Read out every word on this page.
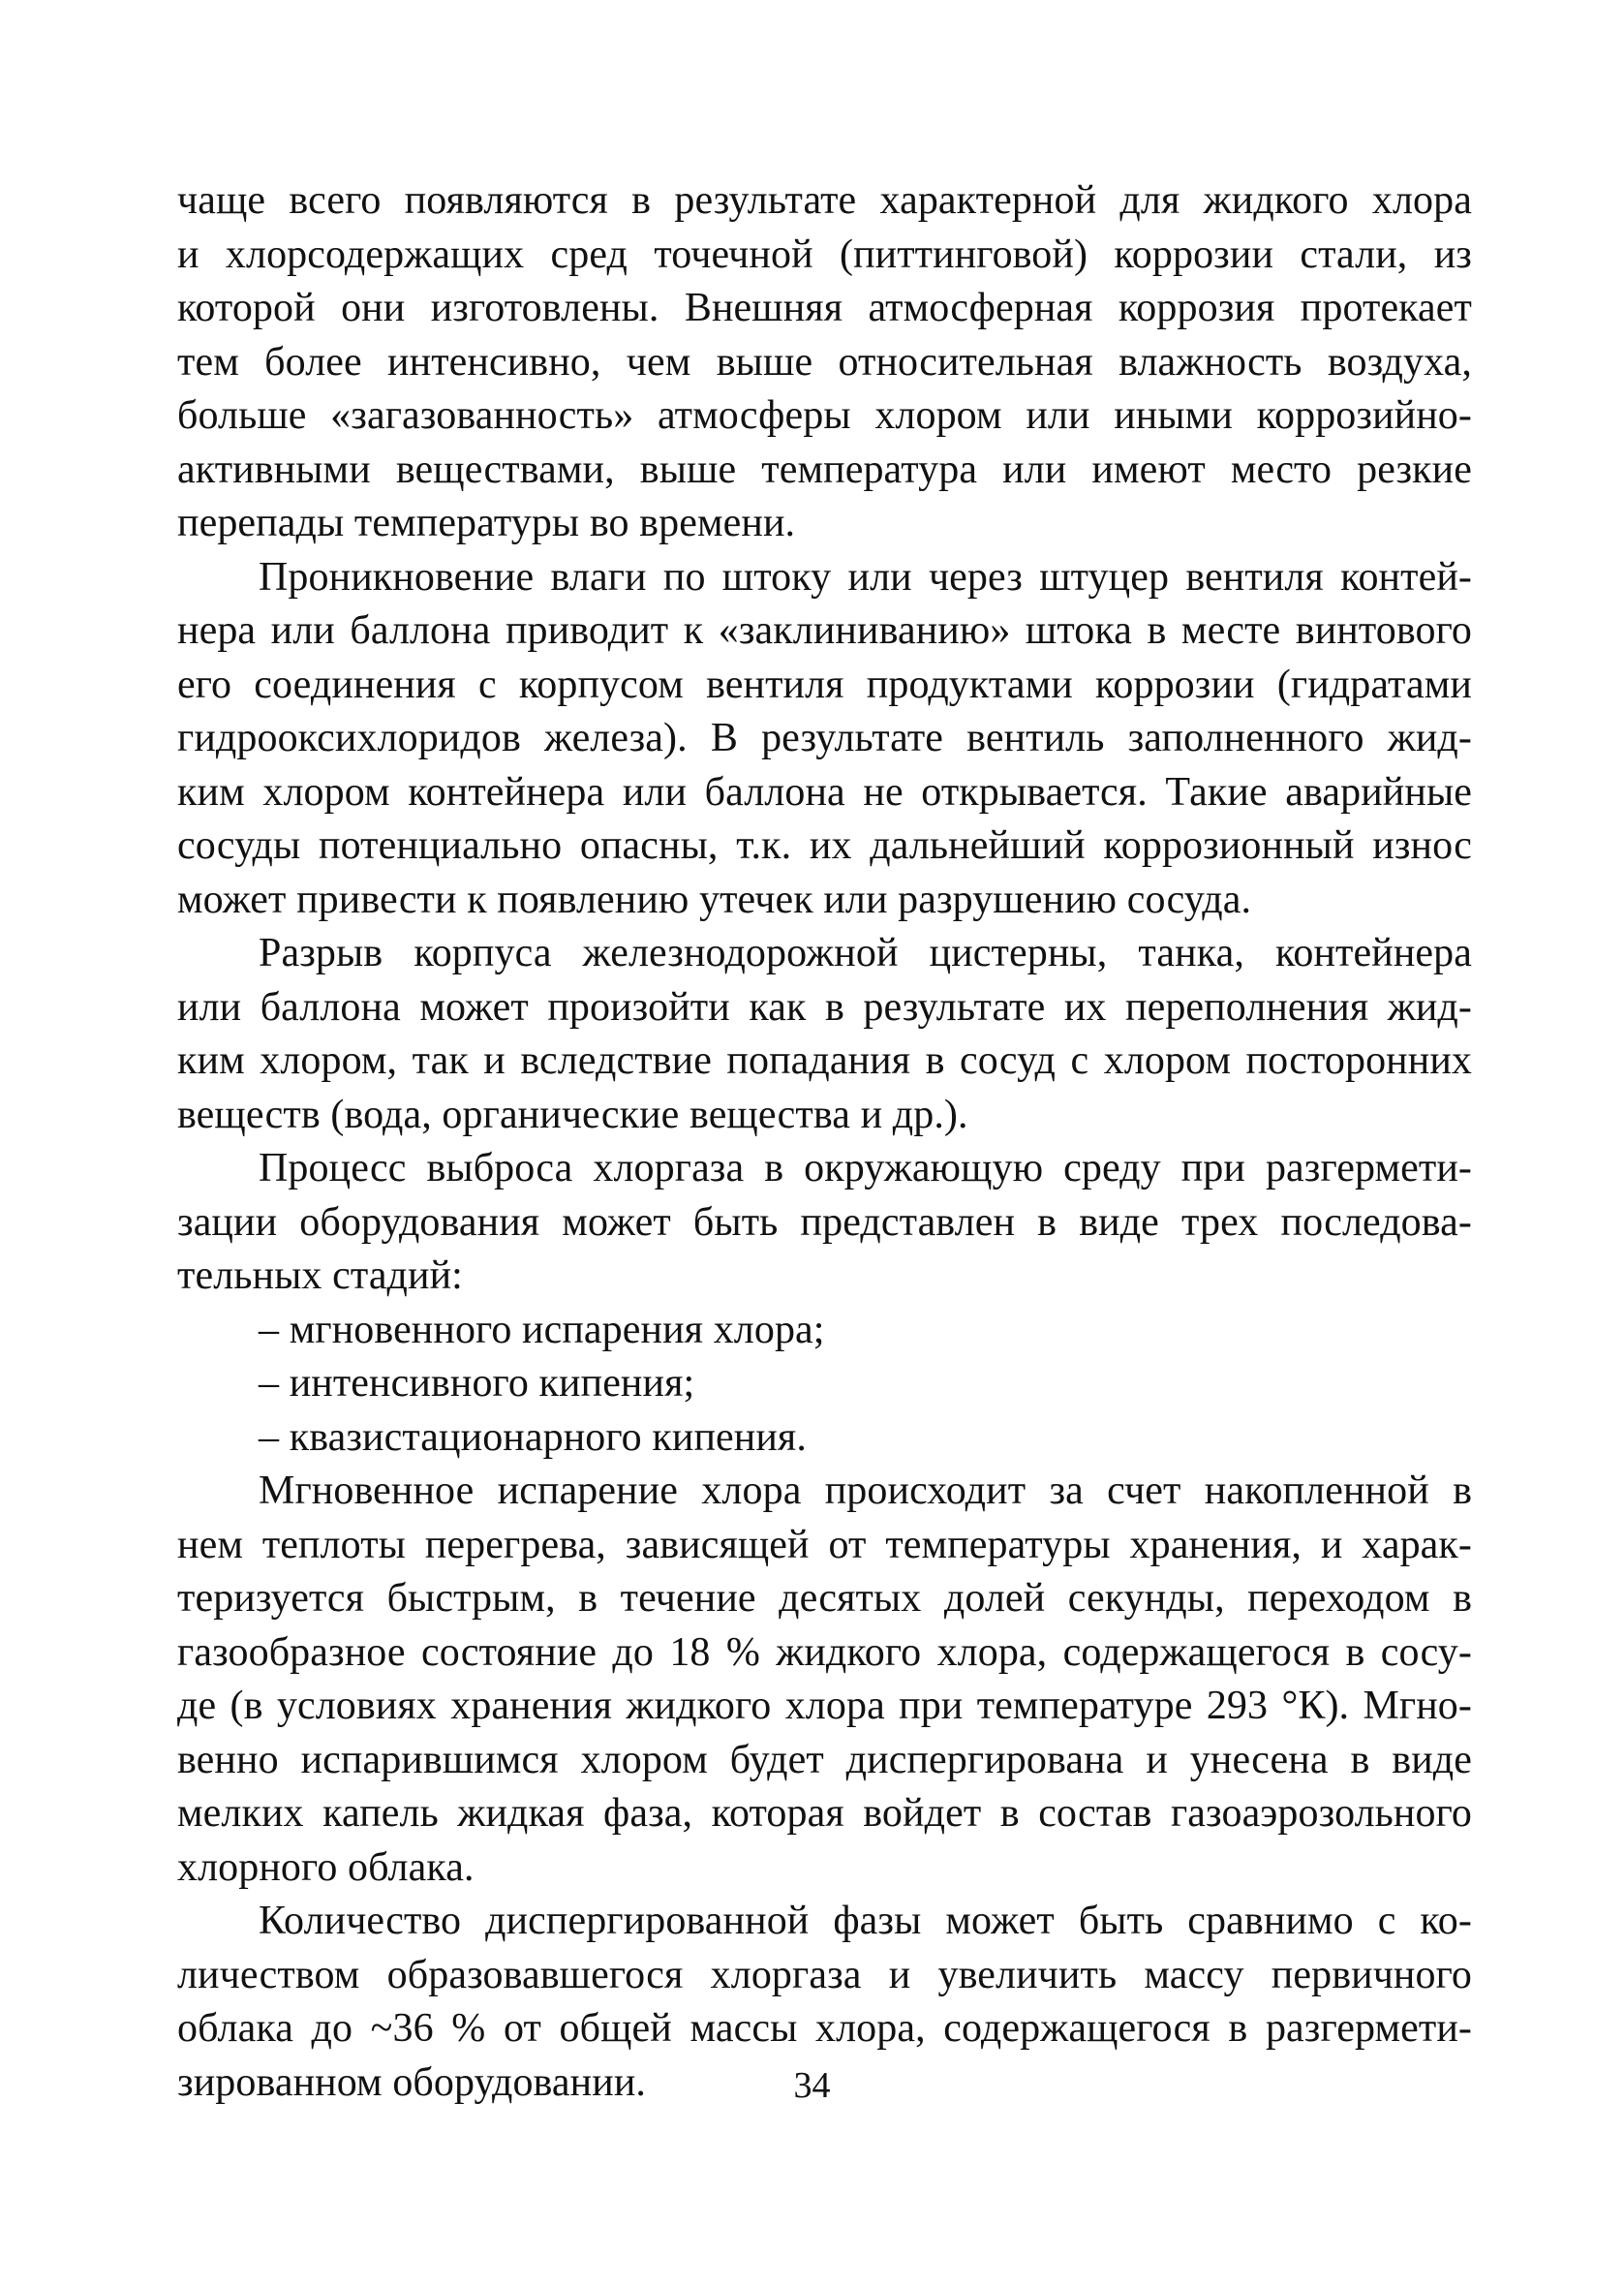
чаще всего появляются в результате характерной для жидкого хлора
и хлорсодержащих сред точечной (питтинговой) коррозии стали, из
которой они изготовлены. Внешняя атмосферная коррозия протекает
тем более интенсивно, чем выше относительная влажность воздуха,
больше «загазованность» атмосферы хлором или иными коррозийно-
активными веществами, выше температура или имеют место резкие
перепады температуры во времени.
Проникновение влаги по штоку или через штуцер вентиля контей-
нера или баллона приводит к «заклиниванию» штока в месте винтового
его соединения с корпусом вентиля продуктами коррозии (гидратами
гидрооксихлоридов железа). В результате вентиль заполненного жид-
ким хлором контейнера или баллона не открывается. Такие аварийные
сосуды потенциально опасны, т.к. их дальнейший коррозионный износ
может привести к появлению утечек или разрушению сосуда.
Разрыв корпуса железнодорожной цистерны, танка, контейнера
или баллона может произойти как в результате их переполнения жид-
ким хлором, так и вследствие попадания в сосуд с хлором посторонних
веществ (вода, органические вещества и др.).
Процесс выброса хлоргаза в окружающую среду при разгермети-
зации оборудования может быть представлен в виде трех последова-
тельных стадий:
– мгновенного испарения хлора;
– интенсивного кипения;
– квазистационарного кипения.
Мгновенное испарение хлора происходит за счет накопленной в
нем теплоты перегрева, зависящей от температуры хранения, и харак-
теризуется быстрым, в течение десятых долей секунды, переходом в
газообразное состояние до 18 % жидкого хлора, содержащегося в сосу-
де (в условиях хранения жидкого хлора при температуре 293 °К). Мгно-
венно испарившимся хлором будет диспергирована и унесена в виде
мелких капель жидкая фаза, которая войдет в состав газоаэрозольного
хлорного облака.
Количество диспергированной фазы может быть сравнимо с ко-
личеством образовавшегося хлоргаза и увеличить массу первичного
облака до ~36 % от общей массы хлора, содержащегося в разгермети-
зированном оборудовании.	34
